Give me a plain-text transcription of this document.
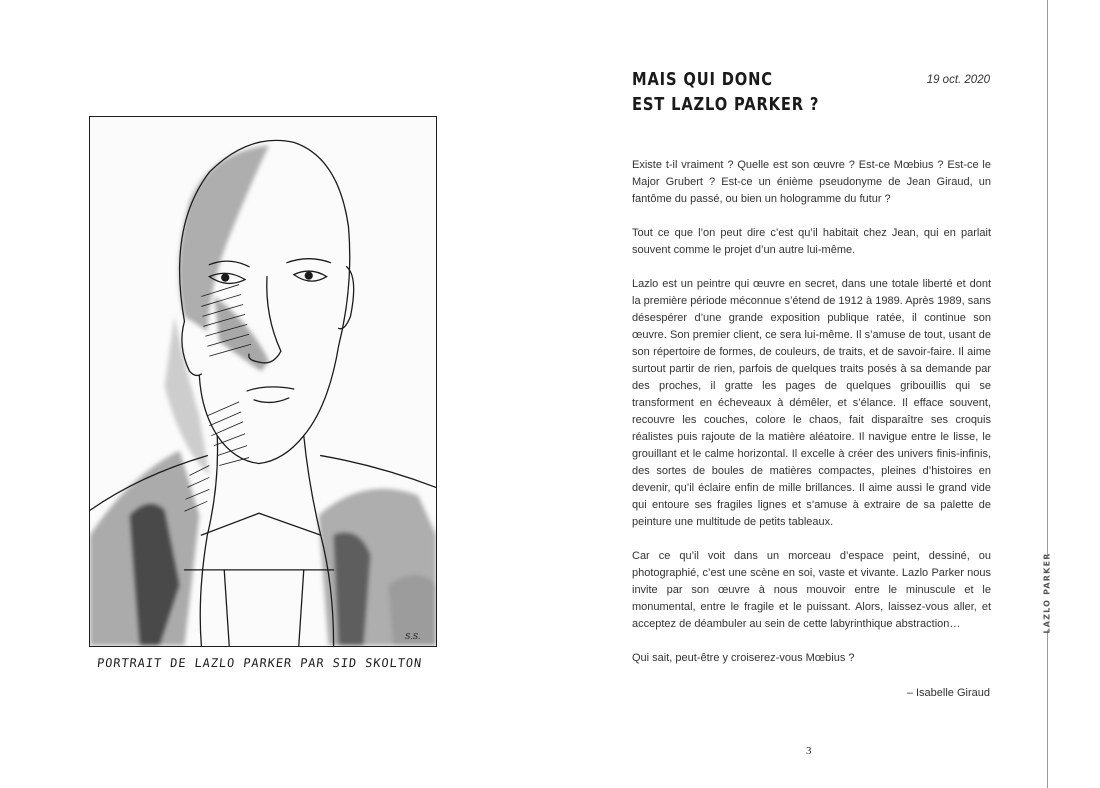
S.S.
PORTRAIT DE LAZLO PARKER PAR SID SKOLTON
MAIS QUI DONC
EST LAZLO PARKER ?
19 oct. 2020

Existe t-il vraiment ? Quelle est son œuvre ? Est-ce Mœbius ? Est-ce le Major Grubert ? Est-ce un énième pseudonyme de Jean Giraud, un fantôme du passé, ou bien un hologramme du futur ?

Tout ce que l’on peut dire c’est qu’il habitait chez Jean, qui en parlait souvent comme le projet d’un autre lui-même.

Lazlo est un peintre qui œuvre en secret, dans une totale liberté et dont la première période méconnue s’étend de 1912 à 1989. Après 1989, sans désespérer d’une grande exposition publique ratée, il continue son œuvre. Son premier client, ce sera lui-même. Il s’amuse de tout, usant de son répertoire de formes, de couleurs, de traits, et de savoir-faire. Il aime surtout partir de rien, parfois de quelques traits posés à sa demande par des proches, il gratte les pages de quelques gribouillis qui se transforment en écheveaux à démêler, et s’élance. Il efface souvent, recouvre les couches, colore le chaos, fait disparaître ses croquis réalistes puis rajoute de la matière aléatoire. Il navigue entre le lisse, le grouillant et le calme horizontal. Il excelle à créer des univers finis-infinis, des sortes de boules de matières compactes, pleines d’histoires en devenir, qu’il éclaire enfin de mille brillances. Il aime aussi le grand vide qui entoure ses fragiles lignes et s’amuse à extraire de sa palette de peinture une multitude de petits tableaux.

Car ce qu’il voit dans un morceau d’espace peint, dessiné, ou photographié, c’est une scène en soi, vaste et vivante. Lazlo Parker nous invite par son œuvre à nous mouvoir entre le minuscule et le monumental, entre le fragile et le puissant. Alors, laissez-vous aller, et acceptez de déambuler au sein de cette labyrinthique abstraction…

Qui sait, peut-être y croiserez-vous Mœbius ?

– Isabelle Giraud
3
LAZLO PARKER
